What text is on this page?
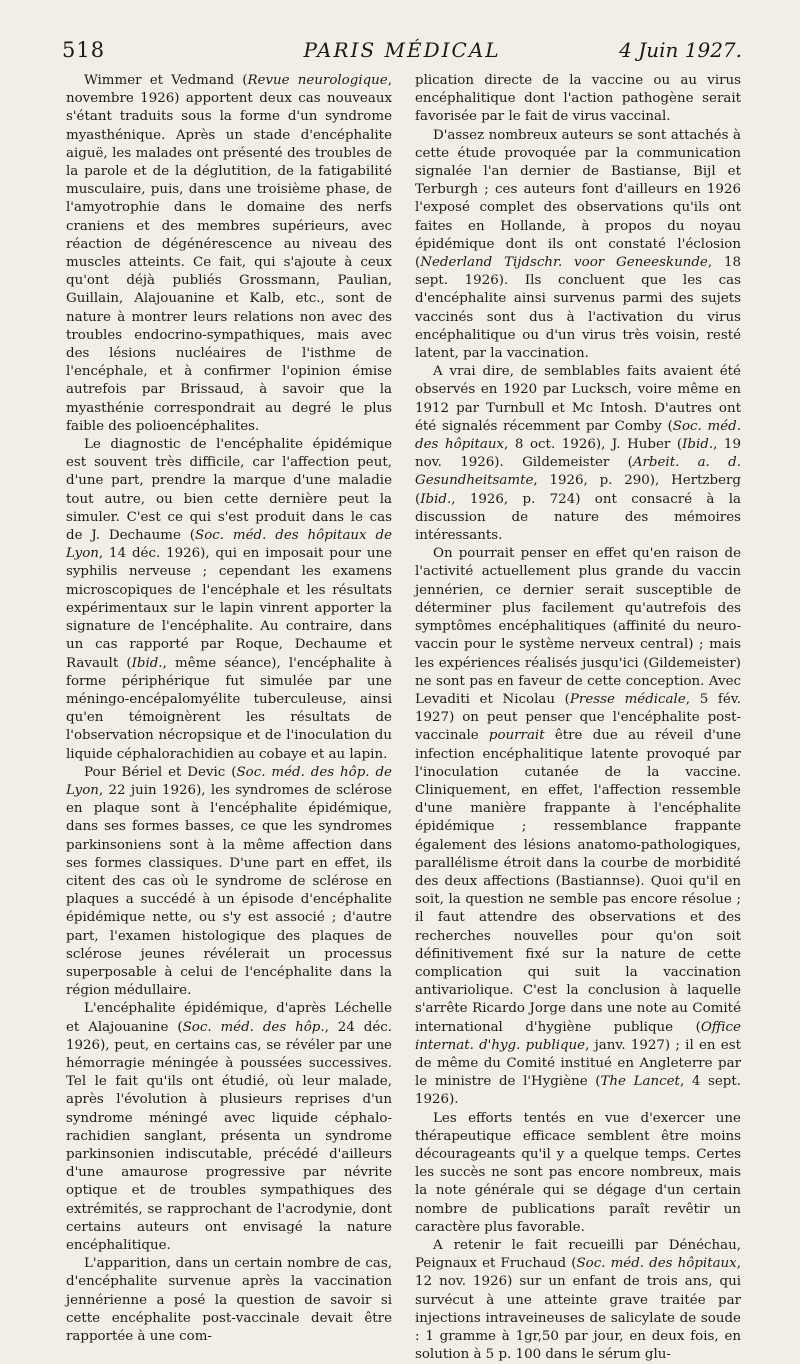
518	PARIS MÉDICAL	4 Juin 1927.

Wimmer et Vedmand (Revue neurologique, novembre 1926) apportent deux cas nouveaux s'étant traduits sous la forme d'un syndrome myasthénique. Après un stade d'encéphalite aiguë, les malades ont présenté des troubles de la parole et de la déglutition, de la fatigabilité musculaire, puis, dans une troisième phase, de l'amyotrophie dans le domaine des nerfs craniens et des membres supérieurs, avec réaction de dégénérescence au niveau des muscles atteints. Ce fait, qui s'ajoute à ceux qu'ont déjà publiés Grossmann, Paulian, Guillain, Alajouanine et Kalb, etc., sont de nature à montrer leurs relations non avec des troubles endocrino-sympathiques, mais avec des lésions nucléaires de l'isthme de l'encéphale, et à confirmer l'opinion émise autrefois par Brissaud, à savoir que la myasthénie correspondrait au degré le plus faible des polioencéphalites.

Le diagnostic de l'encéphalite épidémique est souvent très difficile, car l'affection peut, d'une part, prendre la marque d'une maladie tout autre, ou bien cette dernière peut la simuler. C'est ce qui s'est produit dans le cas de J. Dechaume (Soc. méd. des hôpitaux de Lyon, 14 déc. 1926), qui en imposait pour une syphilis nerveuse ; cependant les examens microscopiques de l'encéphale et les résultats expérimentaux sur le lapin vinrent apporter la signature de l'encéphalite. Au contraire, dans un cas rapporté par Roque, Dechaume et Ravault (Ibid., même séance), l'encéphalite à forme périphérique fut simulée par une méningo-encépalomyélite tuberculeuse, ainsi qu'en témoignèrent les résultats de l'observation nécropsique et de l'inoculation du liquide céphalorachidien au cobaye et au lapin.

Pour Bériel et Devic (Soc. méd. des hôp. de Lyon, 22 juin 1926), les syndromes de sclérose en plaque sont à l'encéphalite épidémique, dans ses formes basses, ce que les syndromes parkinsoniens sont à la même affection dans ses formes classiques. D'une part en effet, ils citent des cas où le syndrome de sclérose en plaques a succédé à un épisode d'encéphalite épidémique nette, ou s'y est associé ; d'autre part, l'examen histologique des plaques de sclérose jeunes révélerait un processus superposable à celui de l'encéphalite dans la région médullaire.

L'encéphalite épidémique, d'après Léchelle et Alajouanine (Soc. méd. des hôp., 24 déc. 1926), peut, en certains cas, se révéler par une hémorragie méningée à poussées successives. Tel le fait qu'ils ont étudié, où leur malade, après l'évolution à plusieurs reprises d'un syndrome méningé avec liquide céphalo-rachidien sanglant, présenta un syndrome parkinsonien indiscutable, précédé d'ailleurs d'une amaurose progressive par névrite optique et de troubles sympathiques des extrémités, se rapprochant de l'acrodynie, dont certains auteurs ont envisagé la nature encéphalitique.

L'apparition, dans un certain nombre de cas, d'encéphalite survenue après la vaccination jennérienne a posé la question de savoir si cette encéphalite post-vaccinale devait être rapportée à une com-

plication directe de la vaccine ou au virus encéphalitique dont l'action pathogène serait favorisée par le fait de virus vaccinal.

D'assez nombreux auteurs se sont attachés à cette étude provoquée par la communication signalée l'an dernier de Bastianse, Bijl et Terburgh ; ces auteurs font d'ailleurs en 1926 l'exposé complet des observations qu'ils ont faites en Hollande, à propos du noyau épidémique dont ils ont constaté l'éclosion (Nederland Tijdschr. voor Geneeskunde, 18 sept. 1926). Ils concluent que les cas d'encéphalite ainsi survenus parmi des sujets vaccinés sont dus à l'activation du virus encéphalitique ou d'un virus très voisin, resté latent, par la vaccination.

A vrai dire, de semblables faits avaient été observés en 1920 par Lucksch, voire même en 1912 par Turnbull et Mc Intosh. D'autres ont été signalés récemment par Comby (Soc. méd. des hôpitaux, 8 oct. 1926), J. Huber (Ibid., 19 nov. 1926). Gildemeister (Arbeit. a. d. Gesundheitsamte, 1926, p. 290), Hertzberg (Ibid., 1926, p. 724) ont consacré à la discussion de nature des mémoires intéressants.

On pourrait penser en effet qu'en raison de l'activité actuellement plus grande du vaccin jennérien, ce dernier serait susceptible de déterminer plus facilement qu'autrefois des symptômes encéphalitiques (affinité du neuro-vaccin pour le système nerveux central) ; mais les expériences réalisés jusqu'ici (Gildemeister) ne sont pas en faveur de cette conception. Avec Levaditi et Nicolau (Presse médicale, 5 fév. 1927) on peut penser que l'encéphalite post-vaccinale pourrait être due au réveil d'une infection encéphalitique latente provoqué par l'inoculation cutanée de la vaccine. Cliniquement, en effet, l'affection ressemble d'une manière frappante à l'encéphalite épidémique ; ressemblance frappante également des lésions anatomo-pathologiques, parallélisme étroit dans la courbe de morbidité des deux affections (Bastiannse). Quoi qu'il en soit, la question ne semble pas encore résolue ; il faut attendre des observations et des recherches nouvelles pour qu'on soit définitivement fixé sur la nature de cette complication qui suit la vaccination antivariolique. C'est la conclusion à laquelle s'arrête Ricardo Jorge dans une note au Comité international d'hygiène publique (Office internat. d'hyg. publique, janv. 1927) ; il en est de même du Comité institué en Angleterre par le ministre de l'Hygiène (The Lancet, 4 sept. 1926).

Les efforts tentés en vue d'exercer une thérapeutique efficace semblent être moins décourageants qu'il y a quelque temps. Certes les succès ne sont pas encore nombreux, mais la note générale qui se dégage d'un certain nombre de publications paraît revêtir un caractère plus favorable.

A retenir le fait recueilli par Dénéchau, Peignaux et Fruchaud (Soc. méd. des hôpitaux, 12 nov. 1926) sur un enfant de trois ans, qui survécut à une atteinte grave traitée par injections intraveineuses de salicylate de soude : 1 gramme à 1gr,50 par jour, en deux fois, en solution à 5 p. 100 dans le sérum glu-
